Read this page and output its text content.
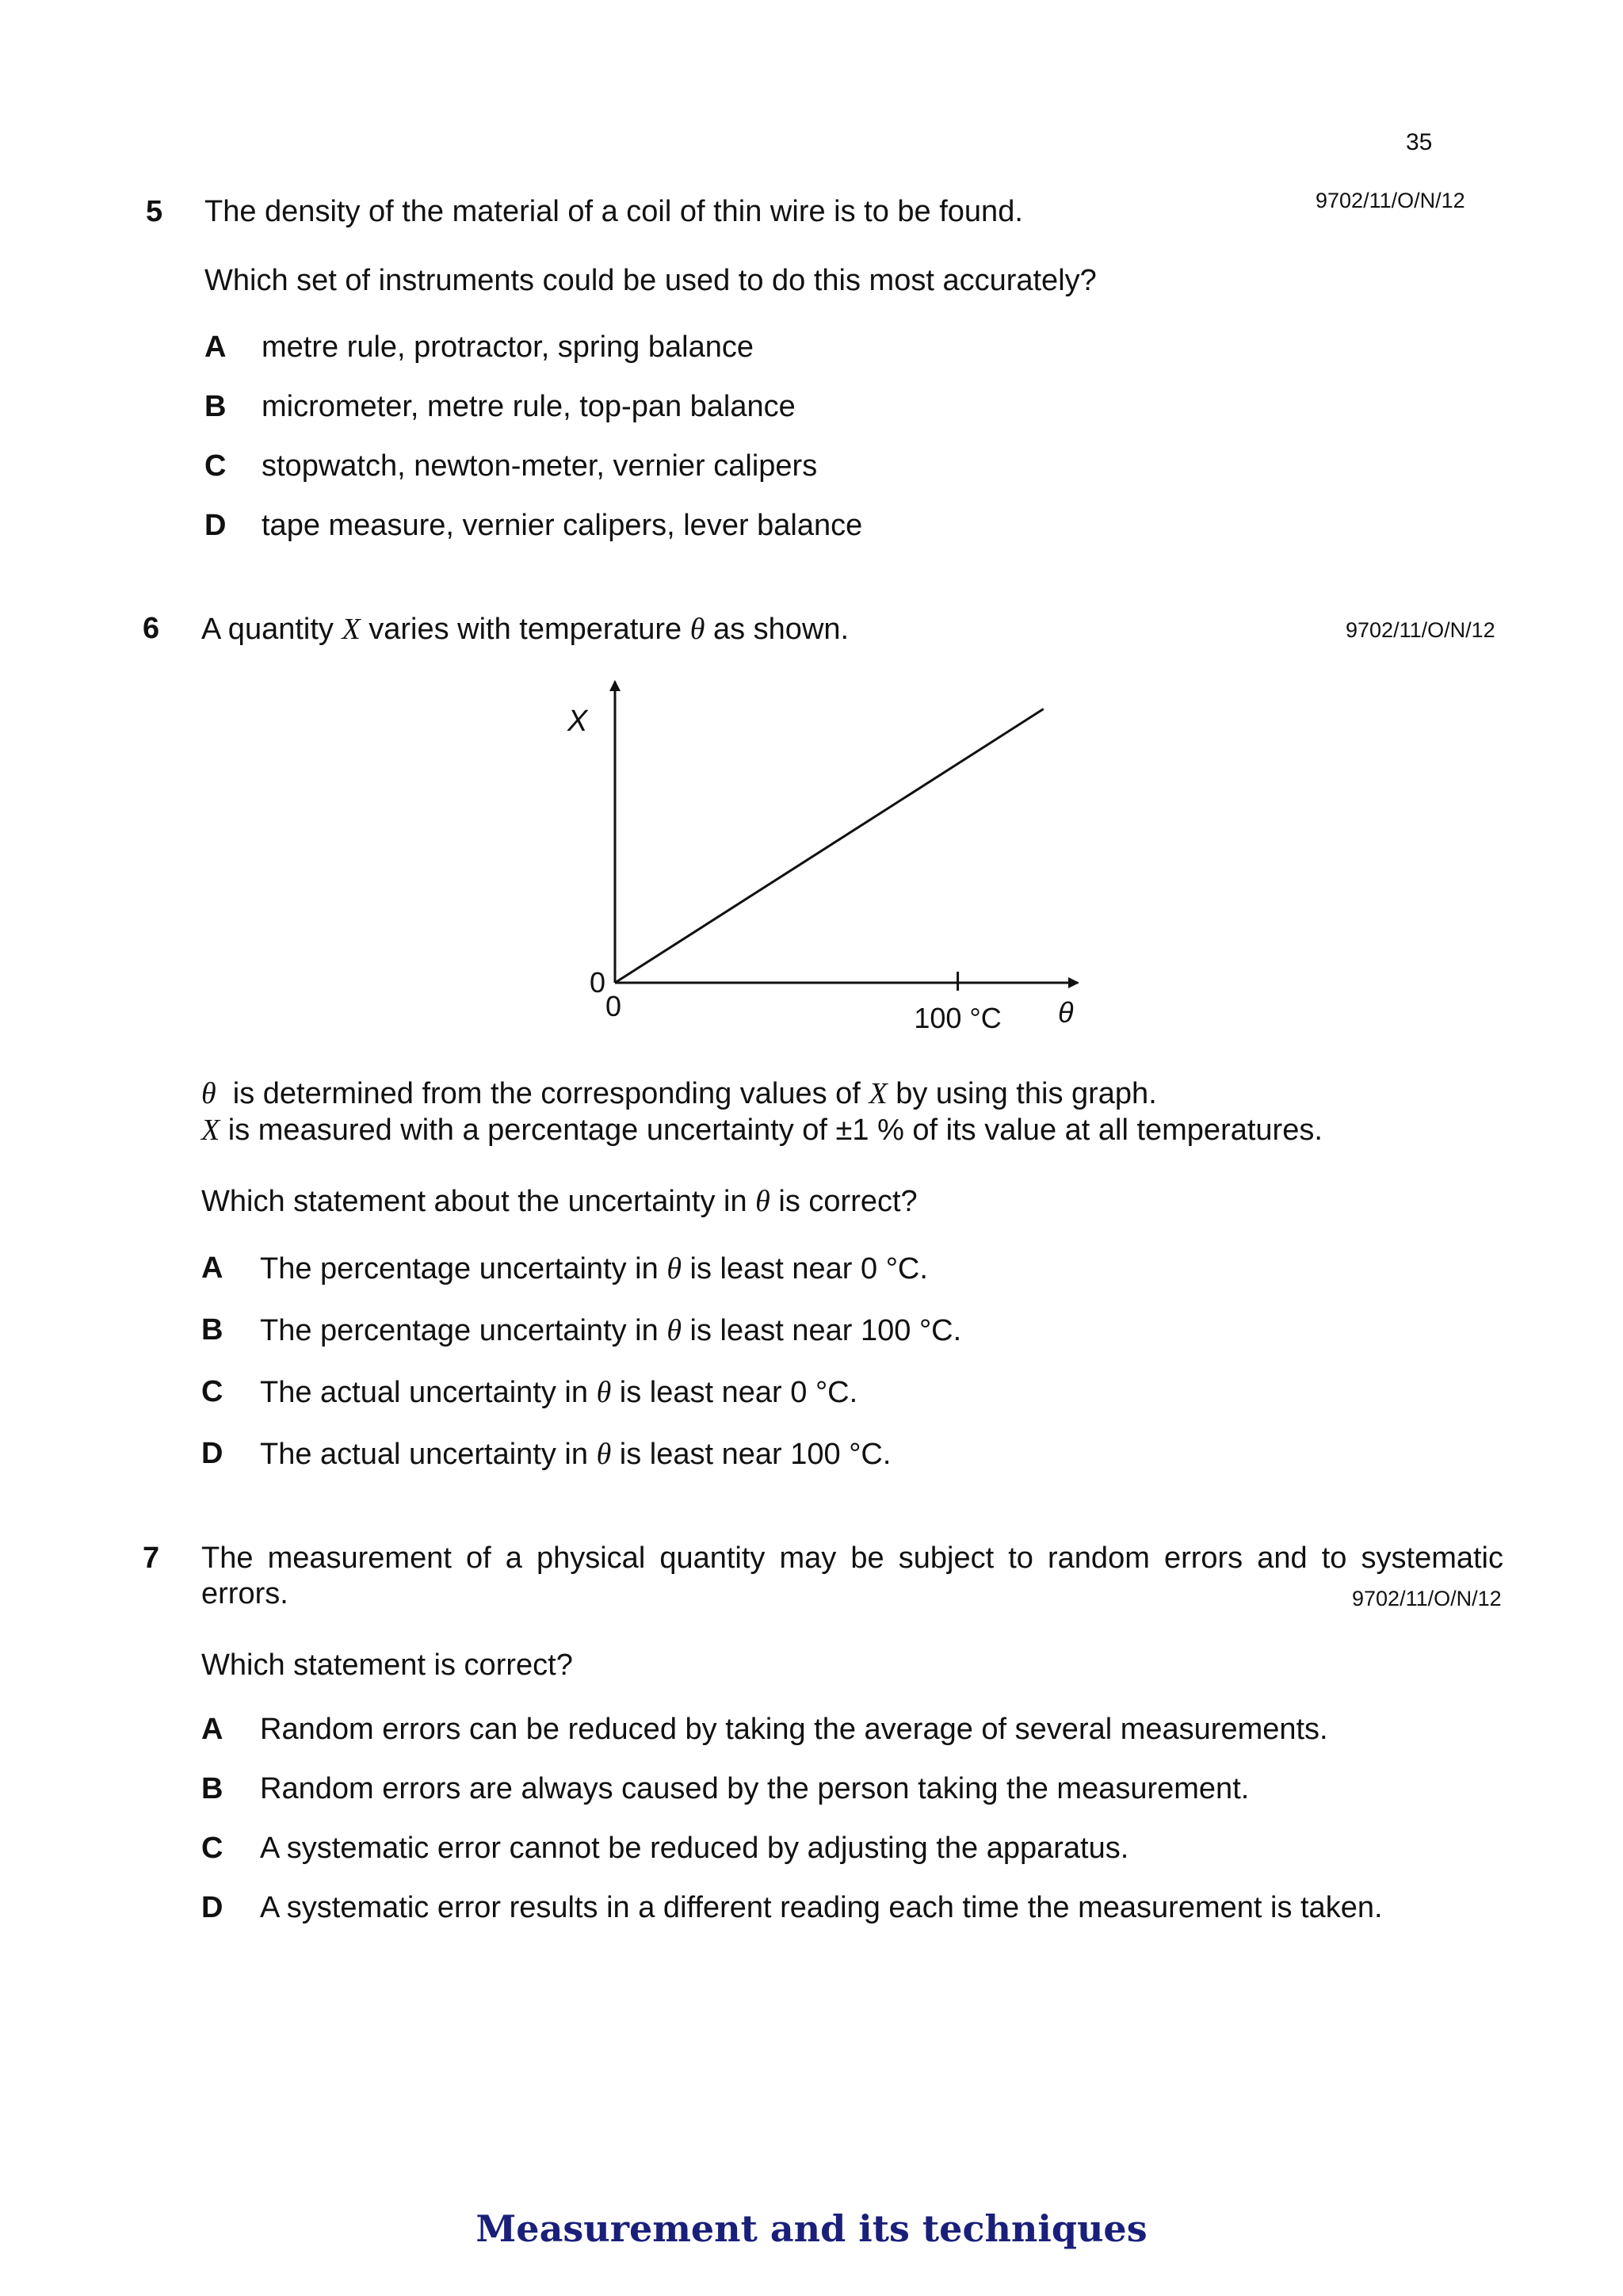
35
5 The density of the material of a coil of thin wire is to be found.	9702/11/O/N/12
Which set of instruments could be used to do this most accurately?
A metre rule, protractor, spring balance
B micrometer, metre rule, top-pan balance
C stopwatch, newton-meter, vernier calipers
D tape measure, vernier calipers, lever balance
6 A quantity X varies with temperature θ as shown.	9702/11/O/N/12
X
0
0	100 °C θ
θ  is determined from the corresponding values of X by using this graph.
X is measured with a percentage uncertainty of ±1 % of its value at all temperatures.
Which statement about the uncertainty in θ is correct?
A The percentage uncertainty in θ is least near 0 °C.
B The percentage uncertainty in θ is least near 100 °C.
C The actual uncertainty in θ is least near 0 °C.
D The actual uncertainty in θ is least near 100 °C.
7 The measurement of a physical quantity may be subject to random errors and to systematic
errors.	9702/11/O/N/12
Which statement is correct?
A Random errors can be reduced by taking the average of several measurements.
B Random errors are always caused by the person taking the measurement.
C A systematic error cannot be reduced by adjusting the apparatus.
D A systematic error results in a different reading each time the measurement is taken.
Measurement and its techniques
